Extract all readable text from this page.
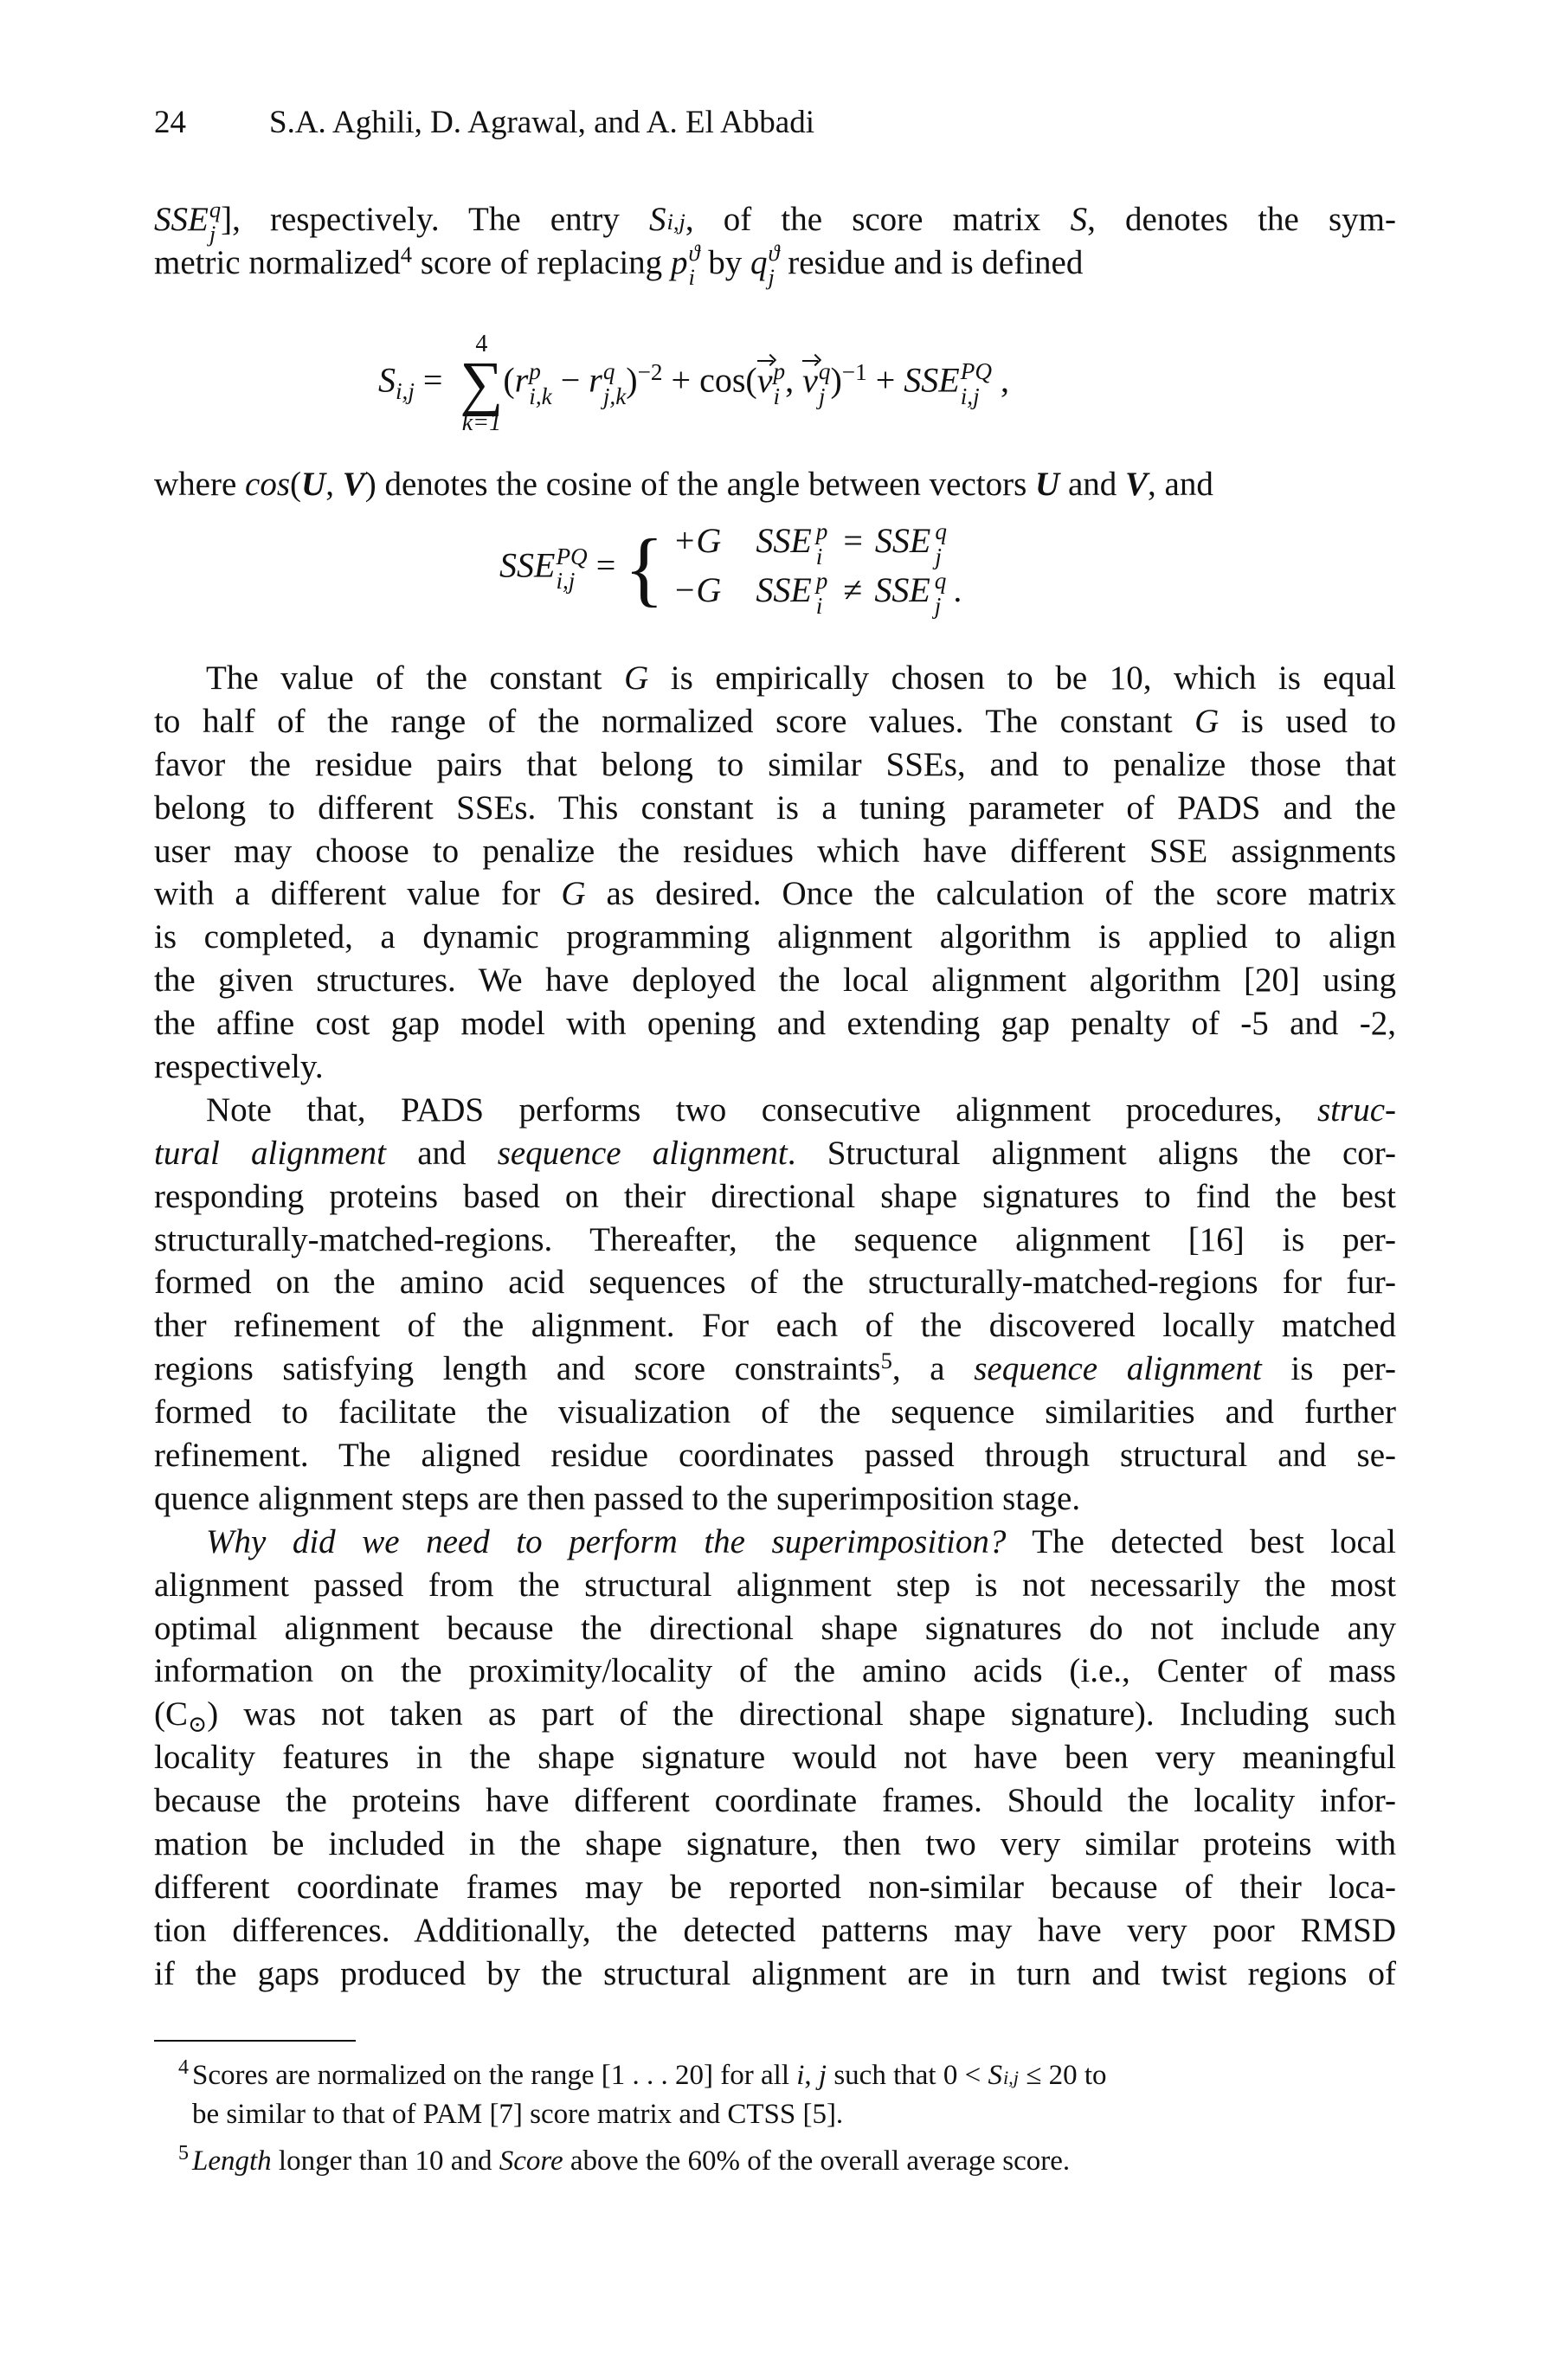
24	S.A. Aghili, D. Agrawal, and A. El Abbadi
SSE q
j ], respectively. The entry S i,j , of the score matrix S, denotes the sym-
metric normalized$^4$ score of replacing p ϑ
i by q ϑ
j residue and is defined
$S_{i,j}$ =
4
∑
k=1
(r p
i,k − r q
j,k )$^{-2}$ + cos(v p
i , v q
j )$^{-1}$ + SSE PQ
i,j ,
where cos(U, V) denotes the cosine of the angle between vectors U and V, and
SSE PQ
i,j = { +G SSE p
i = SSE q
j
−G SSE p
i ≠ SSE q
j .
The value of the constant G is empirically chosen to be 10, which is equal
to half of the range of the normalized score values. The constant G is used to
favor the residue pairs that belong to similar SSEs, and to penalize those that
belong to different SSEs. This constant is a tuning parameter of PADS and the
user may choose to penalize the residues which have different SSE assignments
with a different value for G as desired. Once the calculation of the score matrix
is completed, a dynamic programming alignment algorithm is applied to align
the given structures. We have deployed the local alignment algorithm [20] using
the affine cost gap model with opening and extending gap penalty of -5 and -2,
respectively.
Note that, PADS performs two consecutive alignment procedures, struc-
tural alignment and sequence alignment. Structural alignment aligns the cor-
responding proteins based on their directional shape signatures to find the best
structurally-matched-regions. Thereafter, the sequence alignment [16] is per-
formed on the amino acid sequences of the structurally-matched-regions for fur-
ther refinement of the alignment. For each of the discovered locally matched
regions satisfying length and score constraints$^5$, a sequence alignment is per-
formed to facilitate the visualization of the sequence similarities and further
refinement. The aligned residue coordinates passed through structural and se-
quence alignment steps are then passed to the superimposition stage.
Why did we need to perform the superimposition? The detected best local
alignment passed from the structural alignment step is not necessarily the most
optimal alignment because the directional shape signatures do not include any
information on the proximity/locality of the amino acids (i.e., Center of mass
$(C_⊙)$ was not taken as part of the directional shape signature). Including such
locality features in the shape signature would not have been very meaningful
because the proteins have different coordinate frames. Should the locality infor-
mation be included in the shape signature, then two very similar proteins with
different coordinate frames may be reported non-similar because of their loca-
tion differences. Additionally, the detected patterns may have very poor RMSD
if the gaps produced by the structural alignment are in turn and twist regions of
4 Scores are normalized on the range [1 . . . 20] for all i, j such that 0 < S i,j ≤ 20 to
be similar to that of PAM [7] score matrix and CTSS [5].
5 Length longer than 10 and Score above the 60% of the overall average score.
